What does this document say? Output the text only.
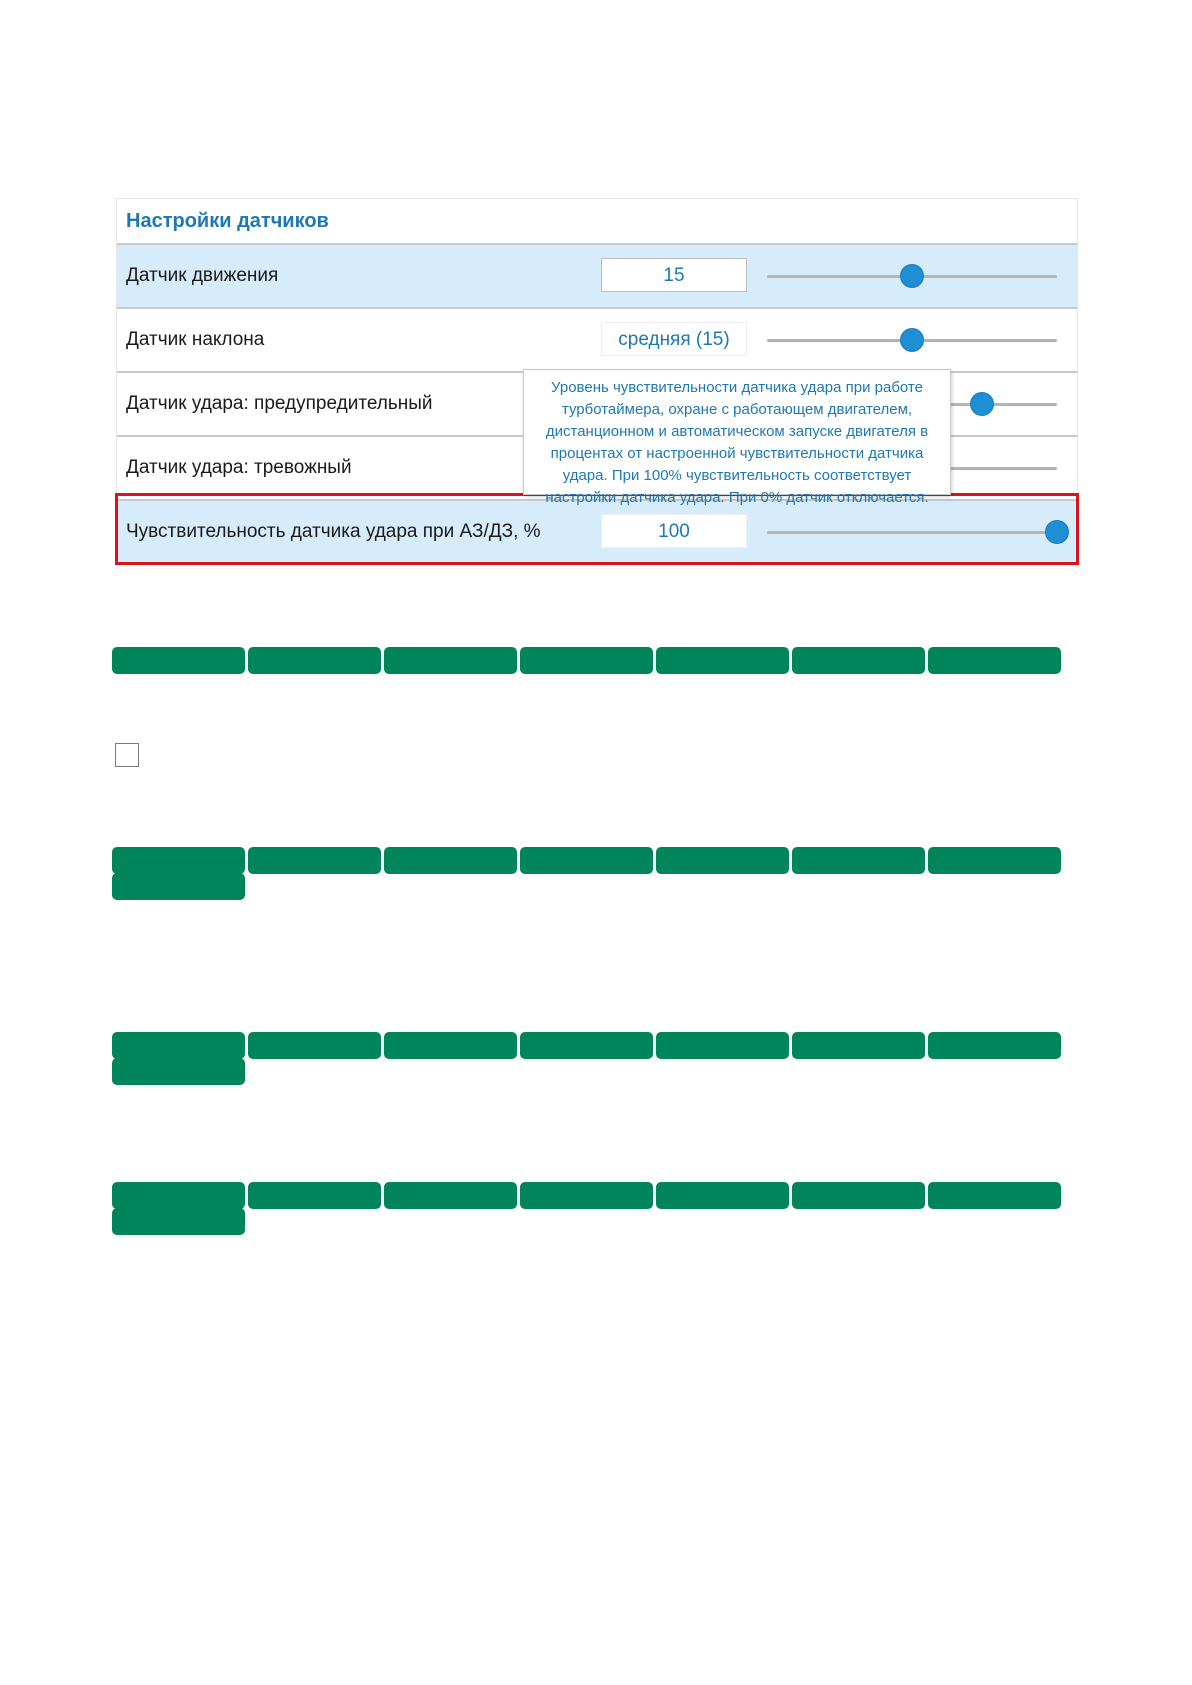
Настройки датчиков
Датчик движения	15
Датчик наклона	средняя (15)
Датчик удара: предупредительный
Датчик удара: тревожный
Чувствительность датчика удара при АЗ/ДЗ, %	100
Уровень чувствительности датчика удара при работе турботаймера, охране с работающем двигателем, дистанционном и автоматическом запуске двигателя в процентах от настроенной чувствительности датчика удара. При 100% чувствительность соответствует настройки датчика удара. При 0% датчик отключается.
